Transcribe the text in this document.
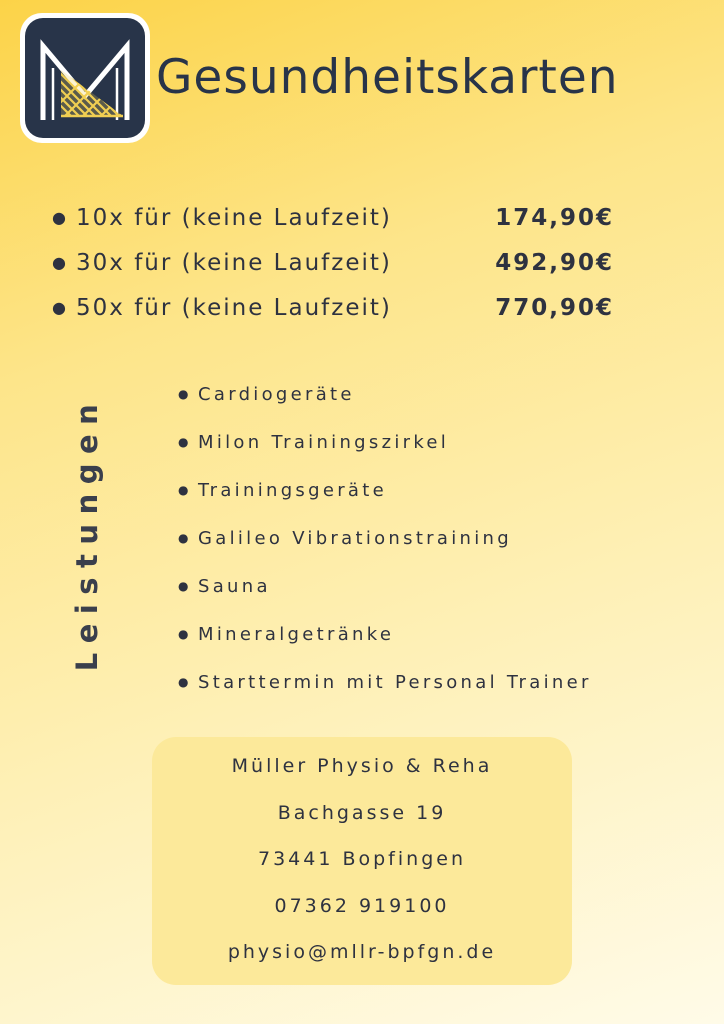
Gesundheitskarten
● 10x für (keine Laufzeit)	174,90€
● 30x für (keine Laufzeit)	492,90€
● 50x für (keine Laufzeit)	770,90€
Leistungen
● Cardiogeräte
● Milon Trainingszirkel
● Trainingsgeräte
● Galileo Vibrationstraining
● Sauna
● Mineralgetränke
● Starttermin mit Personal Trainer
Müller Physio & Reha
Bachgasse 19
73441 Bopfingen
07362 919100
physio@mllr-bpfgn.de
